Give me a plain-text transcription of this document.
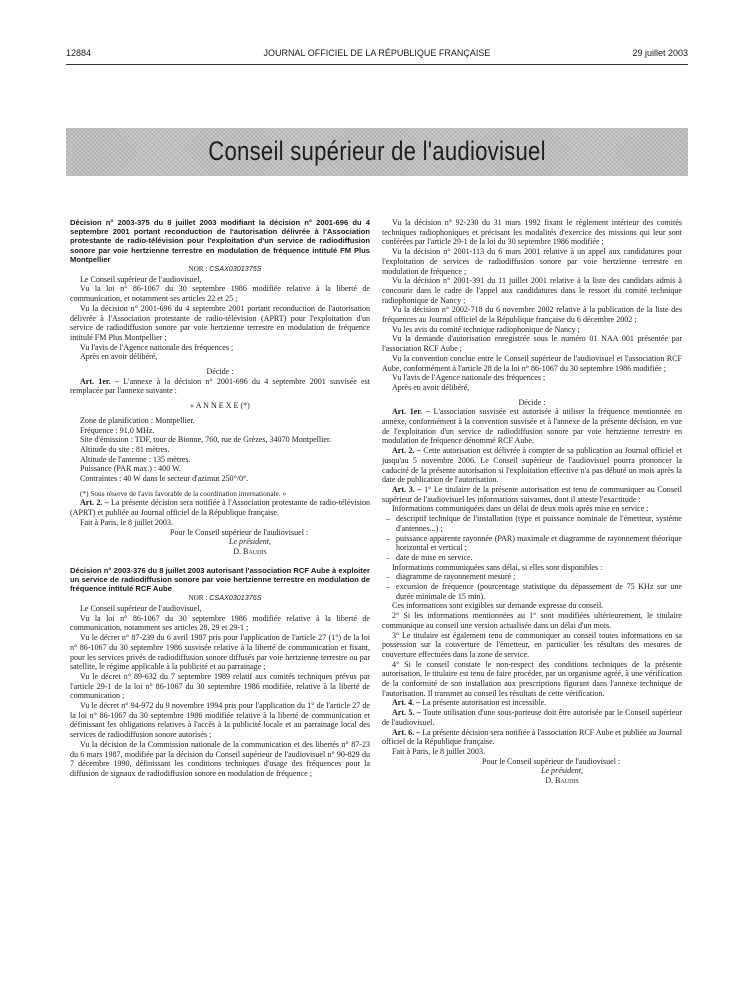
12884	JOURNAL OFFICIEL DE LA RÉPUBLIQUE FRANÇAISE	29 juillet 2003
Conseil supérieur de l'audiovisuel

Décision n° 2003-375 du 8 juillet 2003 modifiant la décision n° 2001-696 du 4 septembre 2001 portant reconduction de l'autorisation délivrée à l'Association protestante de radio-télévision pour l'exploitation d'un service de radiodiffusion sonore par voie hertzienne terrestre en modulation de fréquence intitulé FM Plus Montpellier

NOR : CSAX0301375S

Le Conseil supérieur de l'audiovisuel,

Vu la loi n° 86-1067 du 30 septembre 1986 modifiée relative à la liberté de communication, et notamment ses articles 22 et 25 ;

Vu la décision n° 2001-696 du 4 septembre 2001 portant reconduction de l'autorisation délivrée à l'Association protestante de radio-télévision (APRT) pour l'exploitation d'un service de radiodiffusion sonore par voie hertzienne terrestre en modulation de fréquence intitulé FM Plus Montpellier ;

Vu l'avis de l'Agence nationale des fréquences ;

Après en avoir délibéré,

Décide :

Art. 1er. – L'annexe à la décision n° 2001-696 du 4 septembre 2001 susvisée est remplacée par l'annexe suivante :

« A N N E X E (*)

Zone de planification : Montpellier.

Fréquence : 91,0 MHz.

Site d'émission : TDF, tour de Bionne, 760, rue de Grèzes, 34070 Montpellier.

Altitude du site : 81 mètres.

Altitude de l'antenne : 135 mètres.

Puissance (PAR max.) : 400 W.

Contraintes : 40 W dans le secteur d'azimut 250°/0°.

(*) Sous réserve de l'avis favorable de la coordination internationale. »

Art. 2. – La présente décision sera notifiée à l'Association protestante de radio-télévision (APRT) et publiée au Journal officiel de la République française.

Fait à Paris, le 8 juillet 2003.

Pour le Conseil supérieur de l'audiovisuel :
Le président,
D. Baudis

Décision n° 2003-376 du 8 juillet 2003 autorisant l'association RCF Aube à exploiter un service de radiodiffusion sonore par voie hertzienne terrestre en modulation de fréquence intitulé RCF Aube

NOR : CSAX0301376S

Le Conseil supérieur de l'audiovisuel,

Vu la loi n° 86-1067 du 30 septembre 1986 modifiée relative à la liberté de communication, notamment ses articles 28, 29 et 29-1 ;

Vu le décret n° 87-239 du 6 avril 1987 pris pour l'application de l'article 27 (1°) de la loi n° 86-1067 du 30 septembre 1986 susvisée relative à la liberté de communication et fixant, pour les services privés de radiodiffusion sonore diffusés par voie hertzienne terrestre ou par satellite, le régime applicable à la publicité et au parrainage ;

Vu le décret n° 89-632 du 7 septembre 1989 relatif aux comités techniques prévus par l'article 29-1 de la loi n° 86-1067 du 30 septembre 1986 modifiée, relative à la liberté de communication ;

Vu le décret n° 94-972 du 9 novembre 1994 pris pour l'application du 1° de l'article 27 de la loi n° 86-1067 du 30 septembre 1986 modifiée relative à la liberté de communication et définissant les obligations relatives à l'accès à la publicité locale et au parrainage local des services de radiodiffusion sonore autorisés ;

Vu la décision de la Commission nationale de la communication et des libertés n° 87-23 du 6 mars 1987, modifiée par la décision du Conseil supérieur de l'audiovisuel n° 90-829 du 7 décembre 1990, définissant les conditions techniques d'usage des fréquences pour la diffusion de signaux de radiodiffusion sonore en modulation de fréquence ;

Vu la décision n° 92-230 du 31 mars 1992 fixant le règlement intérieur des comités techniques radiophoniques et précisant les modalités d'exercice des missions qui leur sont conférées par l'article 29-1 de la loi du 30 septembre 1986 modifiée ;

Vu la décision n° 2001-113 du 6 mars 2001 relative à un appel aux candidatures pour l'exploitation de services de radiodiffusion sonore par voie hertzienne terrestre en modulation de fréquence ;

Vu la décision n° 2001-391 du 11 juillet 2001 relative à la liste des candidats admis à concourir dans le cadre de l'appel aux candidatures dans le ressort du comité technique radiophonique de Nancy ;

Vu la décision n° 2002-718 du 6 novembre 2002 relative à la publication de la liste des fréquences au Journal officiel de la République française du 6 décembre 2002 ;

Vu les avis du comité technique radiophonique de Nancy ;

Vu la demande d'autorisation enregistrée sous le numéro 01 NAA 001 présentée par l'association RCF Aube ;

Vu la convention conclue entre le Conseil supérieur de l'audiovisuel et l'association RCF Aube, conformément à l'article 28 de la loi n° 86-1067 du 30 septembre 1986 modifiée ;

Vu l'avis de l'Agence nationale des fréquences ;

Après en avoir délibéré,

Décide :

Art. 1er. – L'association susvisée est autorisée à utiliser la fréquence mentionnée en annexe, conformément à la convention susvisée et à l'annexe de la présente décision, en vue de l'exploitation d'un service de radiodiffusion sonore par voie hertzienne terrestre en modulation de fréquence dénommé RCF Aube.

Art. 2. – Cette autorisation est délivrée à compter de sa publication au Journal officiel et jusqu'au 5 novembre 2006. Le Conseil supérieur de l'audiovisuel pourra prononcer la caducité de la présente autorisation si l'exploitation effective n'a pas débuté un mois après la date de publication de l'autorisation.

Art. 3. – 1° Le titulaire de la présente autorisation est tenu de communiquer au Conseil supérieur de l'audiovisuel les informations suivantes, dont il atteste l'exactitude :

Informations communiquées dans un délai de deux mois après mise en service :

– descriptif technique de l'installation (type et puissance nominale de l'émetteur, système d'antennes...) ;

– puissance apparente rayonnée (PAR) maximale et diagramme de rayonnement théorique horizontal et vertical ;

– date de mise en service.

Informations communiquées sans délai, si elles sont disponibles :

– diagramme de rayonnement mesuré ;

– excursion de fréquence (pourcentage statistique du dépassement de 75 KHz sur une durée minimale de 15 min).

Ces informations sont exigibles sur demande expresse du conseil.

2° Si les informations mentionnées au 1° sont modifiées ultérieurement, le titulaire communique au conseil une version actualisée dans un délai d'un mois.

3° Le titulaire est également tenu de communiquer au conseil toutes informations en sa possession sur la couverture de l'émetteur, en particulier les résultats des mesures de couverture effectuées dans la zone de service.

4° Si le conseil constate le non-respect des conditions techniques de la présente autorisation, le titulaire est tenu de faire procéder, par un organisme agréé, à une vérification de la conformité de son installation aux prescriptions figurant dans l'annexe technique de l'autorisation. Il transmet au conseil les résultats de cette vérification.

Art. 4. – La présente autorisation est incessible.

Art. 5. – Toute utilisation d'une sous-porteuse doit être autorisée par le Conseil supérieur de l'audiovisuel.

Art. 6. – La présente décision sera notifiée à l'association RCF Aube et publiée au Journal officiel de la République française.

Fait à Paris, le 8 juillet 2003.

Pour le Conseil supérieur de l'audiovisuel :
Le président,
D. Baudis
